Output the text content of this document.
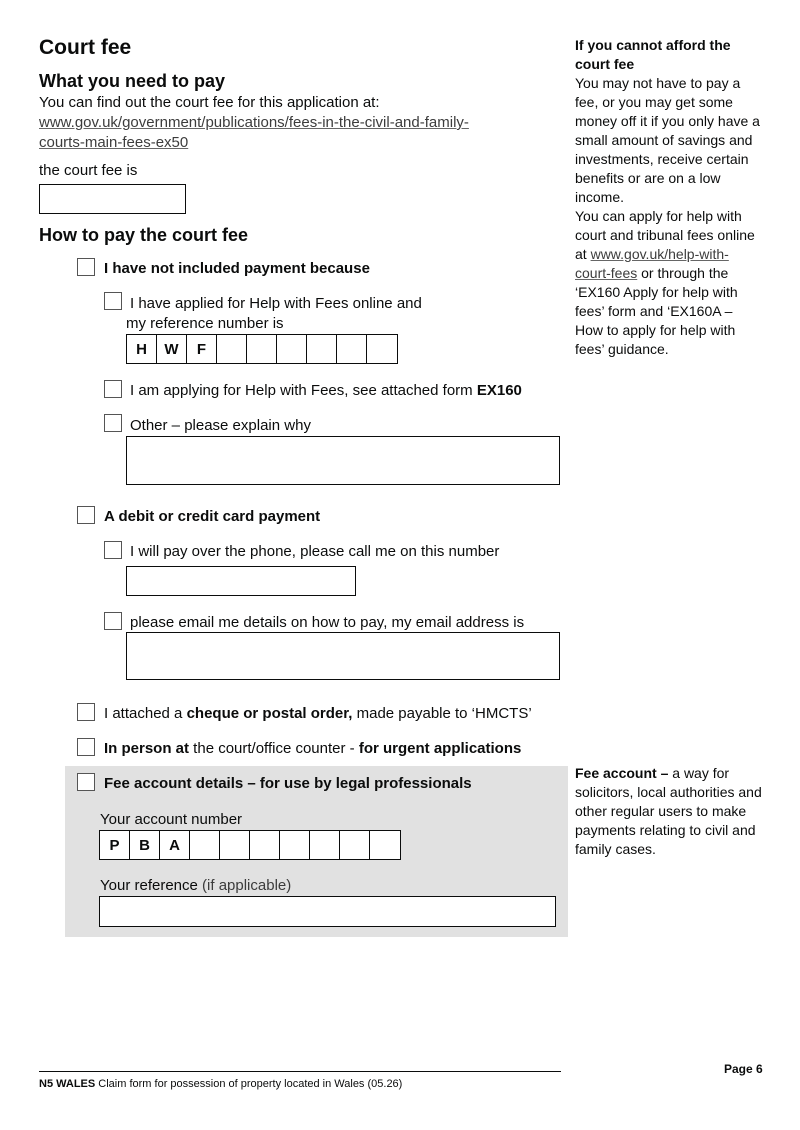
Court fee
What you need to pay
You can find out the court fee for this application at:
www.gov.uk/government/publications/fees-in-the-civil-and-family-
courts-main-fees-ex50
the court fee is
How to pay the court fee
I have not included payment because
I have applied for Help with Fees online and
my reference number is
H	W	F
I am applying for Help with Fees, see attached form EX160
Other – please explain why
A debit or credit card payment
I will pay over the phone, please call me on this number
please email me details on how to pay, my email address is
I attached a cheque or postal order, made payable to ‘HMCTS’
In person at the court/office counter - for urgent applications
Fee account details – for use by legal professionals
Your account number
P	B	A
Your reference (if applicable)
If you cannot afford the court fee
You may not have to pay a fee, or you may get some money off it if you only have a small amount of savings and investments, receive certain benefits or are on a low income.
You can apply for help with court and tribunal fees online at www.gov.uk/help-with-court-fees or through the ‘EX160 Apply for help with fees’ form and ‘EX160A – How to apply for help with fees’ guidance.
Fee account – a way for solicitors, local authorities and other regular users to make payments relating to civil and family cases.
N5 WALES Claim form for possession of property located in Wales (05.26)
Page 6
